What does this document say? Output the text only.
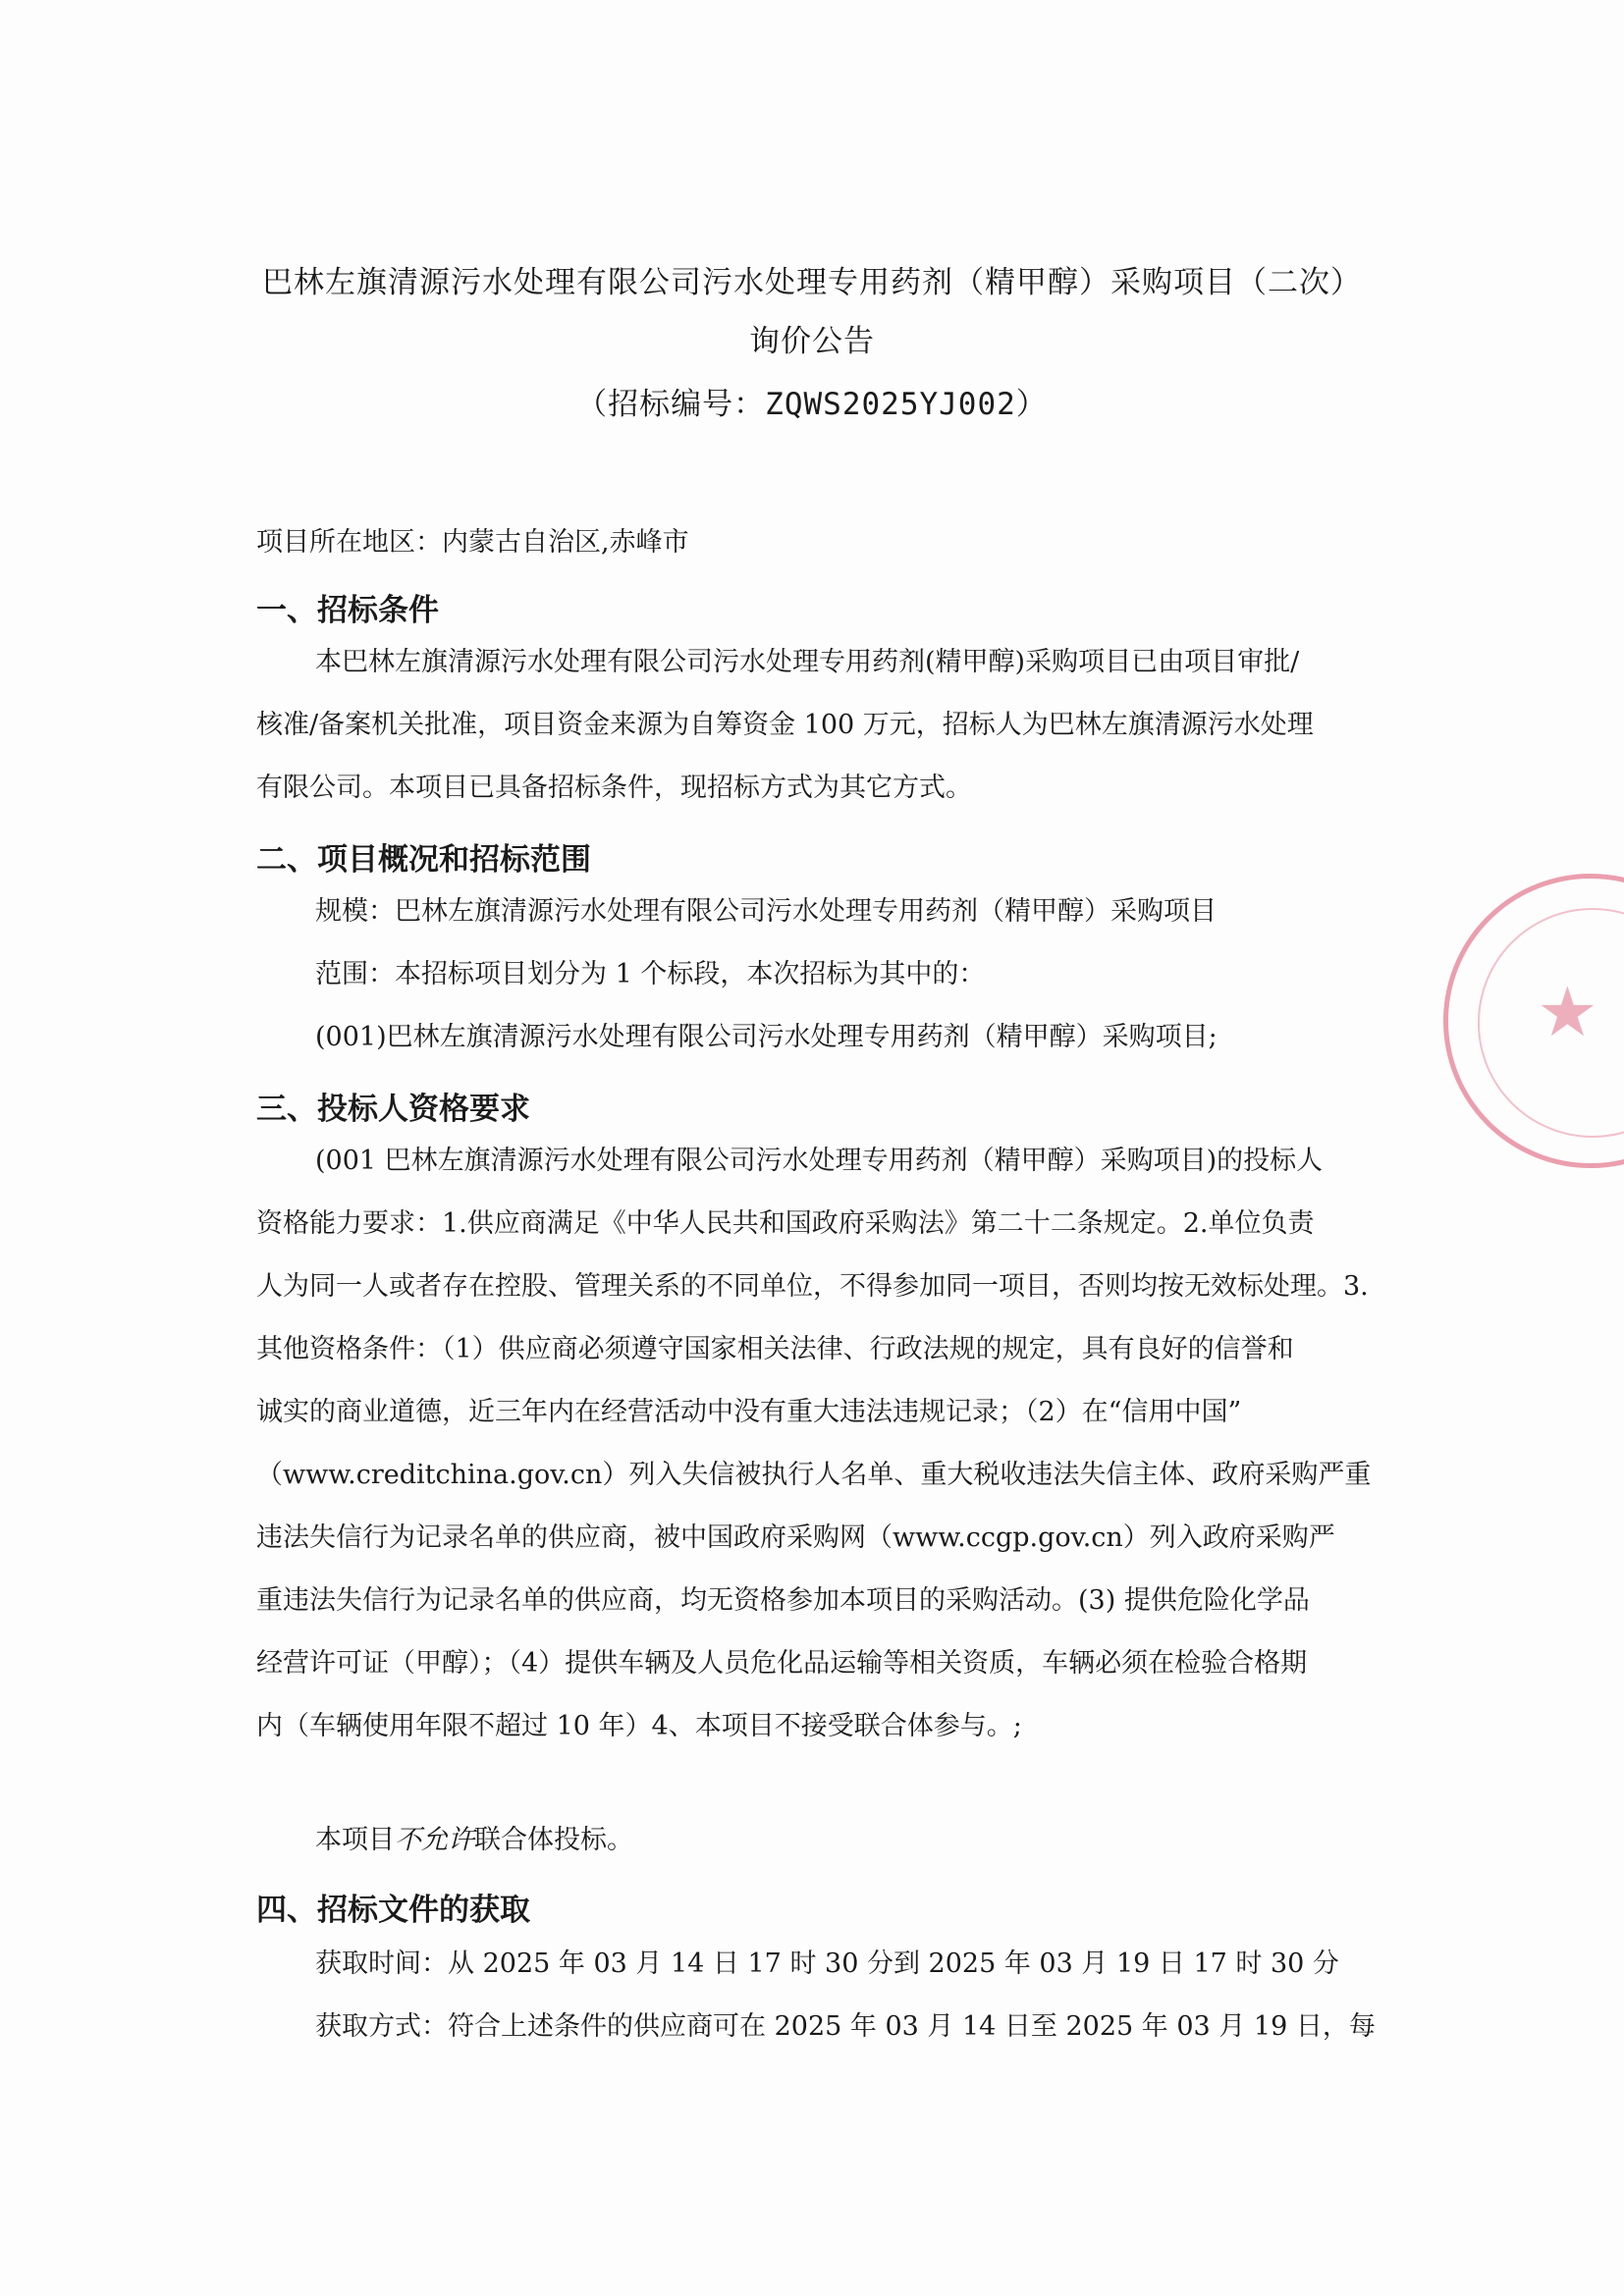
巴林左旗清源污水处理有限公司污水处理专用药剂（精甲醇）采购项目（二次）
询价公告
（招标编号：ZQWS2025YJ002）
项目所在地区：内蒙古自治区,赤峰市
一、招标条件
本巴林左旗清源污水处理有限公司污水处理专用药剂(精甲醇)采购项目已由项目审批/
核准/备案机关批准，项目资金来源为自筹资金 100 万元，招标人为巴林左旗清源污水处理
有限公司。本项目已具备招标条件，现招标方式为其它方式。
二、项目概况和招标范围
规模：巴林左旗清源污水处理有限公司污水处理专用药剂（精甲醇）采购项目
范围：本招标项目划分为 1 个标段，本次招标为其中的：
(001)巴林左旗清源污水处理有限公司污水处理专用药剂（精甲醇）采购项目;
三、投标人资格要求
(001 巴林左旗清源污水处理有限公司污水处理专用药剂（精甲醇）采购项目)的投标人
资格能力要求：1.供应商满足《中华人民共和国政府采购法》第二十二条规定。2.单位负责
人为同一人或者存在控股、管理关系的不同单位，不得参加同一项目，否则均按无效标处理。3.
其他资格条件：（1）供应商必须遵守国家相关法律、行政法规的规定，具有良好的信誉和
诚实的商业道德，近三年内在经营活动中没有重大违法违规记录；（2）在“信用中国”
（www.creditchina.gov.cn）列入失信被执行人名单、重大税收违法失信主体、政府采购严重
违法失信行为记录名单的供应商，被中国政府采购网（www.ccgp.gov.cn）列入政府采购严
重违法失信行为记录名单的供应商，均无资格参加本项目的采购活动。(3) 提供危险化学品
经营许可证（甲醇）；（4）提供车辆及人员危化品运输等相关资质，车辆必须在检验合格期
内（车辆使用年限不超过 10 年）4、本项目不接受联合体参与。;
本项目不允许联合体投标。
四、招标文件的获取
获取时间：从 2025 年 03 月 14 日 17 时 30 分到 2025 年 03 月 19 日 17 时 30 分
获取方式：符合上述条件的供应商可在 2025 年 03 月 14 日至 2025 年 03 月 19 日，每
★
